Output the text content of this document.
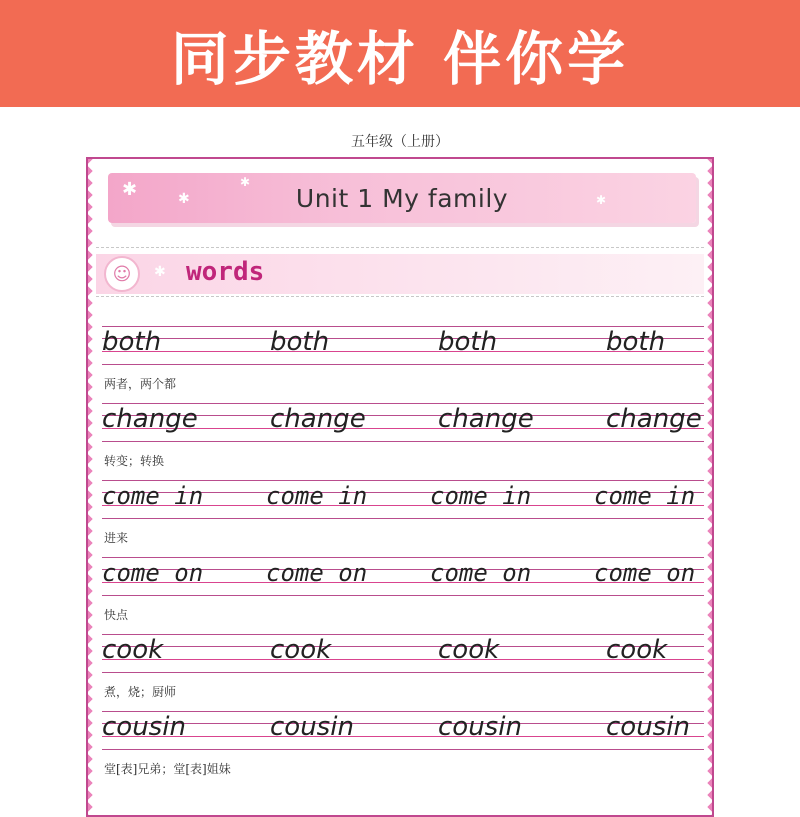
同步教材 伴你学
五年级（上册）
✱	✱
✱
Unit 1 My family	✱
☺	✱ words
both	both	both	both
两者，两个都
change	change	change	change
转变；转换
come in	come in	come in	come in
进来
come on	come on	come on	come on
快点
cook	cook	cook	cook
煮，烧；厨师
cousin	cousin	cousin	cousin
堂[表]兄弟；堂[表]姐妹
